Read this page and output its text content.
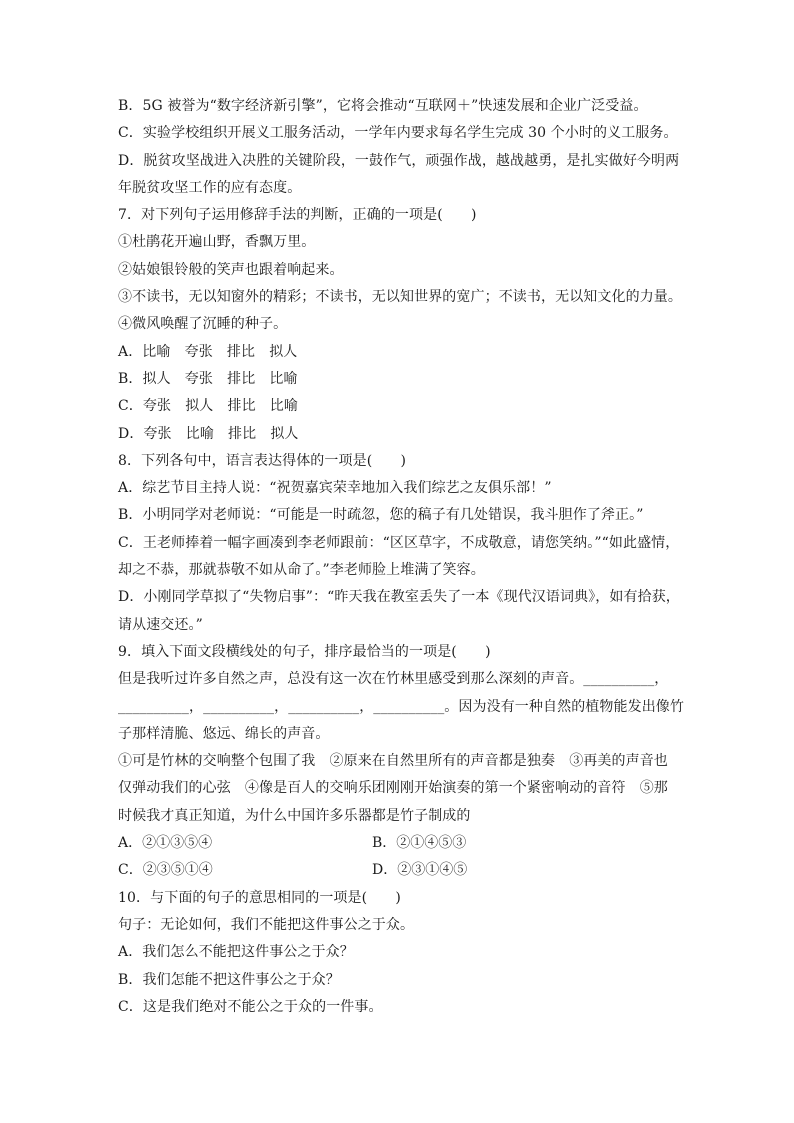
B．5G 被誉为“数字经济新引擎”，它将会推动“互联网＋”快速发展和企业广泛受益。
C．实验学校组织开展义工服务活动，一学年内要求每名学生完成 30 个小时的义工服务。
D．脱贫攻坚战进入决胜的关键阶段，一鼓作气，顽强作战，越战越勇，是扎实做好今明两
年脱贫攻坚工作的应有态度。
7．对下列句子运用修辞手法的判断，正确的一项是(　　)
①杜鹃花开遍山野，香飘万里。
②姑娘银铃般的笑声也跟着响起来。
③不读书，无以知窗外的精彩；不读书，无以知世界的宽广；不读书，无以知文化的力量。
④微风唤醒了沉睡的种子。
A．比喻　夸张　排比　拟人
B．拟人　夸张　排比　比喻
C．夸张　拟人　排比　比喻
D．夸张　比喻　排比　拟人
8．下列各句中，语言表达得体的一项是(　　)
A．综艺节目主持人说：“祝贺嘉宾荣幸地加入我们综艺之友俱乐部！”
B．小明同学对老师说：“可能是一时疏忽，您的稿子有几处错误，我斗胆作了斧正。”
C．王老师捧着一幅字画凑到李老师跟前：“区区草字，不成敬意，请您笑纳。”“如此盛情，
却之不恭，那就恭敬不如从命了。”李老师脸上堆满了笑容。
D．小刚同学草拟了“失物启事”：“昨天我在教室丢失了一本《现代汉语词典》，如有拾获，
请从速交还。”
9．填入下面文段横线处的句子，排序最恰当的一项是(　　)
但是我听过许多自然之声，总没有这一次在竹林里感受到那么深刻的声音。__________，
__________，__________，__________，__________。因为没有一种自然的植物能发出像竹
子那样清脆、悠远、绵长的声音。
①可是竹林的交响整个包围了我　②原来在自然里所有的声音都是独奏　③再美的声音也
仅弹动我们的心弦　④像是百人的交响乐团刚刚开始演奏的第一个紧密响动的音符　⑤那
时候我才真正知道，为什么中国许多乐器都是竹子制成的
A．②①③⑤④	B．②①④⑤③
C．②③⑤①④	D．②③①④⑤
10．与下面的句子的意思相同的一项是(　　)
句子：无论如何，我们不能把这件事公之于众。
A．我们怎么不能把这件事公之于众？
B．我们怎能不把这件事公之于众？
C．这是我们绝对不能公之于众的一件事。
